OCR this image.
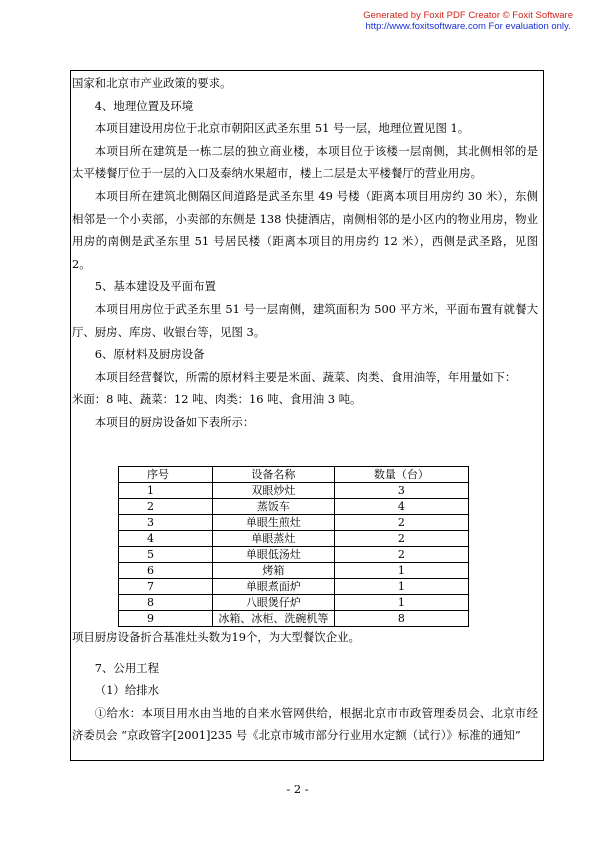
Generated by Foxit PDF Creator © Foxit Software
http://www.foxitsoftware.com For evaluation only.

国家和北京市产业政策的要求。

4、地理位置及环境

本项目建设用房位于北京市朝阳区武圣东里 51 号一层，地理位置见图 1。

本项目所在建筑是一栋二层的独立商业楼，本项目位于该楼一层南侧，其北侧相邻的是太平楼餐厅位于一层的入口及泰纳水果超市，楼上二层是太平楼餐厅的营业用房。

本项目所在建筑北侧隔区间道路是武圣东里 49 号楼（距离本项目用房约 30 米），东侧相邻是一个小卖部，小卖部的东侧是 138 快捷酒店，南侧相邻的是小区内的物业用房，物业用房的南侧是武圣东里 51 号居民楼（距离本项目的用房约 12 米），西侧是武圣路，见图 2。

5、基本建设及平面布置

本项目用房位于武圣东里 51 号一层南侧，建筑面积为 500 平方米，平面布置有就餐大厅、厨房、库房、收银台等，见图 3。

6、原材料及厨房设备

本项目经营餐饮，所需的原材料主要是米面、蔬菜、肉类、食用油等，年用量如下：

米面：8 吨、蔬菜：12 吨、肉类：16 吨、食用油 3 吨。

本项目的厨房设备如下表所示：

序号	设备名称	数量（台）
1	双眼炒灶	3
2	蒸饭车	4
3	单眼生煎灶	2
4	单眼蒸灶	2
5	单眼低汤灶	2
6	烤箱	1
7	单眼煮面炉	1
8	八眼煲仔炉	1
9	冰箱、冰柜、洗碗机等	8

项目厨房设备折合基准灶头数为19个，为大型餐饮企业。

7、公用工程

（1）给排水

①给水：本项目用水由当地的自来水管网供给，根据北京市市政管理委员会、北京市经济委员会 “京政管字[2001]235 号《北京市城市部分行业用水定额（试行）》标准的通知”

- 2 -
